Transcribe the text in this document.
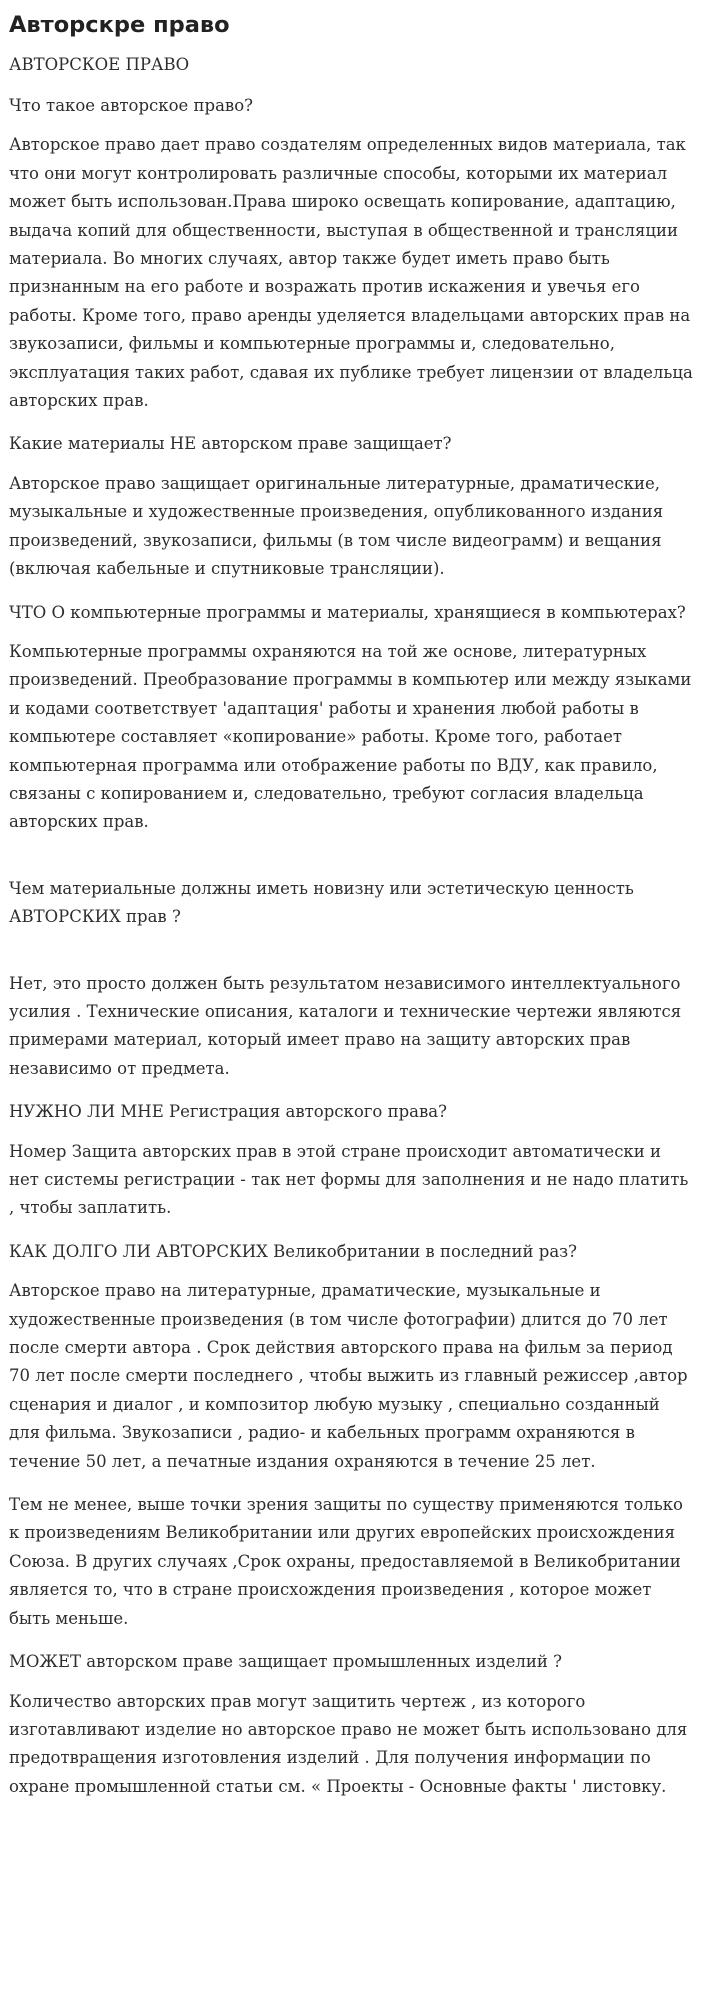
Авторскре право
АВТОРСКОЕ ПРАВО

Что такое авторское право?

Авторское право дает право создателям определенных видов материала, так что они могут контролировать различные способы, которыми их материал может быть использован.Права широко освещать копирование, адаптацию, выдача копий для общественности, выступая в общественной и трансляции материала. Во многих случаях, автор также будет иметь право быть признанным на его работе и возражать против искажения и увечья его работы. Кроме того, право аренды уделяется владельцами авторских прав на звукозаписи, фильмы и компьютерные программы и, следовательно, эксплуатация таких работ, сдавая их публике требует лицензии от владельца авторских прав.

Какие материалы НЕ авторском праве защищает?

Авторское право защищает оригинальные литературные, драматические, музыкальные и художественные произведения, опубликованного издания произведений, звукозаписи, фильмы (в том числе видеограмм) и вещания (включая кабельные и спутниковые трансляции).

ЧТО О компьютерные программы и материалы, хранящиеся в компьютерах?

Компьютерные программы охраняются на той же основе, литературных произведений. Преобразование программы в компьютер или между языками и кодами соответствует 'адаптация' работы и хранения любой работы в компьютере составляет «копирование» работы. Кроме того, работает компьютерная программа или отображение работы по ВДУ, как правило, связаны с копированием и, следовательно, требуют согласия владельца авторских прав.

Чем материальные должны иметь новизну или эстетическую ценность АВТОРСКИХ прав ?

Нет, это просто должен быть результатом независимого интеллектуального усилия . Технические описания, каталоги и технические чертежи являются примерами материал, который имеет право на защиту авторских прав независимо от предмета.

НУЖНО ЛИ МНЕ Регистрация авторского права?

Номер Защита авторских прав в этой стране происходит автоматически и нет системы регистрации - так нет формы для заполнения и не надо платить , чтобы заплатить.

КАК ДОЛГО ЛИ АВТОРСКИХ Великобритании в последний раз?

Авторское право на литературные, драматические, музыкальные и художественные произведения (в том числе фотографии) длится до 70 лет после смерти автора . Срок действия авторского права на фильм за период 70 лет после смерти последнего , чтобы выжить из главный режиссер ,автор сценария и диалог , и композитор любую музыку , специально созданный для фильма. Звукозаписи , радио- и кабельных программ охраняются в течение 50 лет, а печатные издания охраняются в течение 25 лет.

Тем не менее, выше точки зрения защиты по существу применяются только к произведениям Великобритании или других европейских происхождения Союза. В других случаях ,Срок охраны, предоставляемой в Великобритании является то, что в стране происхождения произведения , которое может быть меньше.

МОЖЕТ авторском праве защищает промышленных изделий ?

Количество авторских прав могут защитить чертеж , из которого изготавливают изделие но авторское право не может быть использовано для предотвращения изготовления изделий . Для получения информации по охране промышленной статьи см. « Проекты - Основные факты ' листовку.
